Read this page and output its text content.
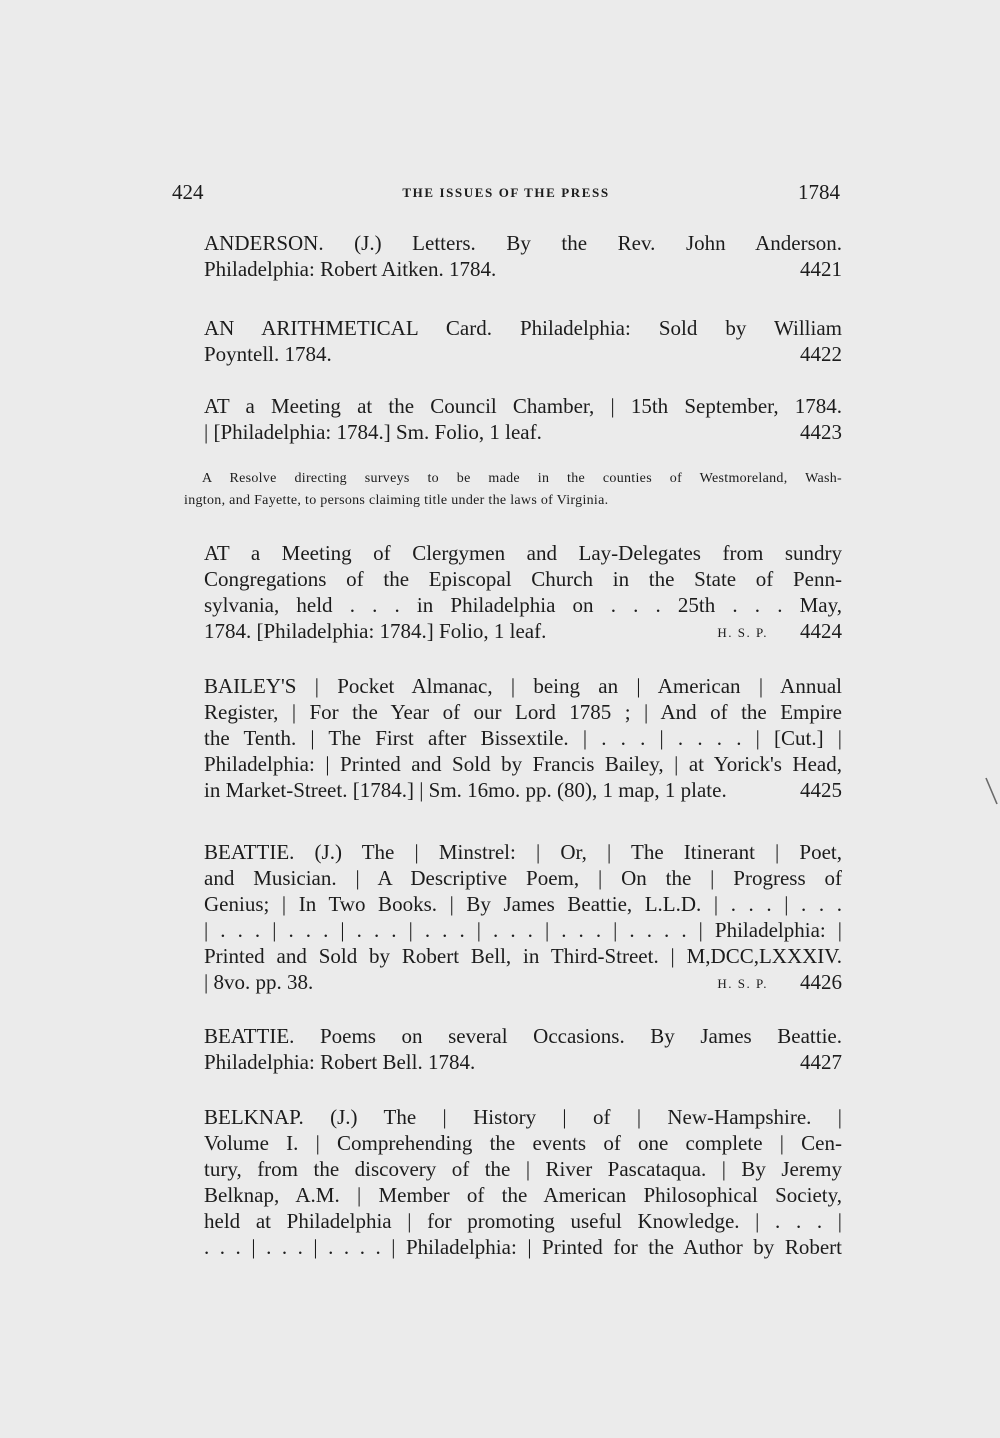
424	THE ISSUES OF THE PRESS	1784
ANDERSON. (J.) Letters. By the Rev. John Anderson.
Philadelphia: Robert Aitken. 1784.	4421
AN ARITHMETICAL Card. Philadelphia: Sold by William
Poyntell. 1784.	4422
AT a Meeting at the Council Chamber, | 15th September, 1784.
| [Philadelphia: 1784.] Sm. Folio, 1 leaf.	4423
A Resolve directing surveys to be made in the counties of Westmoreland, Wash-
ington, and Fayette, to persons claiming title under the laws of Virginia.
AT a Meeting of Clergymen and Lay-Delegates from sundry
Congregations of the Episcopal Church in the State of Penn-
sylvania, held . . . in Philadelphia on . . . 25th . . . May,
1784. [Philadelphia: 1784.] Folio, 1 leaf.	H. S. P.	4424
BAILEY'S | Pocket Almanac, | being an | American | Annual
Register, | For the Year of our Lord 1785 ; | And of the Empire
the Tenth. | The First after Bissextile. | . . . | . . . . | [Cut.] |
Philadelphia: | Printed and Sold by Francis Bailey, | at Yorick's Head,
in Market-Street. [1784.] | Sm. 16mo. pp. (80), 1 map, 1 plate.	4425
BEATTIE. (J.) The | Minstrel: | Or, | The Itinerant | Poet,
and Musician. | A Descriptive Poem, | On the | Progress of
Genius; | In Two Books. | By James Beattie, L.L.D. | . . . | . . .
| . . . | . . . | . . . | . . . | . . . | . . . | . . . . | Philadelphia: |
Printed and Sold by Robert Bell, in Third-Street. | M,DCC,LXXXIV.
| 8vo. pp. 38.	H. S. P.	4426
BEATTIE. Poems on several Occasions. By James Beattie.
Philadelphia: Robert Bell. 1784.	4427
BELKNAP. (J.) The | History | of | New-Hampshire. |
Volume I. | Comprehending the events of one complete | Cen-
tury, from the discovery of the | River Pascataqua. | By Jeremy
Belknap, A.M. | Member of the American Philosophical Society,
held at Philadelphia | for promoting useful Knowledge. | . . . |
. . . | . . . | . . . . | Philadelphia: | Printed for the Author by Robert
